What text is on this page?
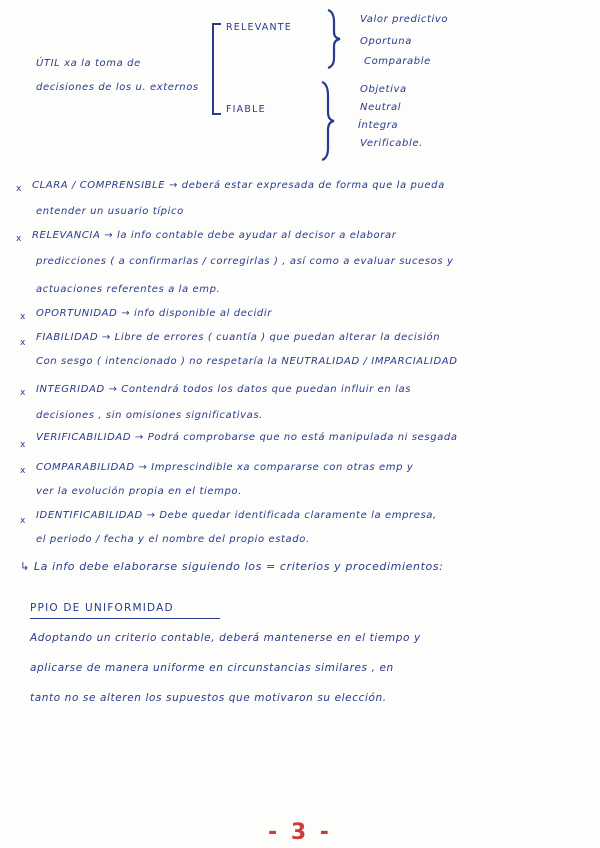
ÚTIL xa la toma de
decisiones de los u. externos
RELEVANTE
FIABLE
Valor predictivo
Oportuna
Comparable
Objetiva
Neutral
Íntegra
Verificable.
x CLARA / COMPRENSIBLE → deberá estar expresada de forma que la pueda
entender un usuario típico
x RELEVANCIA → la info contable debe ayudar al decisor a elaborar
predicciones ( a confirmarlas / corregirlas ) , así como a evaluar sucesos y
actuaciones referentes a la emp.
x OPORTUNIDAD → info disponible al decidir
x FIABILIDAD → Libre de errores ( cuantía ) que puedan alterar la decisión
Con sesgo ( intencionado ) no respetaría la NEUTRALIDAD / IMPARCIALIDAD
x INTEGRIDAD → Contendrá todos los datos que puedan influir en las
decisiones , sin omisiones significativas.
x
VERIFICABILIDAD → Podrá comprobarse que no está manipulada ni sesgada
x COMPARABILIDAD → Imprescindible xa compararse con otras emp y
ver la evolución propia en el tiempo.
x IDENTIFICABILIDAD → Debe quedar identificada claramente la empresa,
el periodo / fecha y el nombre del propio estado.
↳ La info debe elaborarse siguiendo los = criterios y procedimientos:
PPIO DE UNIFORMIDAD
Adoptando un criterio contable, deberá mantenerse en el tiempo y
aplicarse de manera uniforme en circunstancias similares , en
tanto no se alteren los supuestos que motivaron su elección.
- 3 -
